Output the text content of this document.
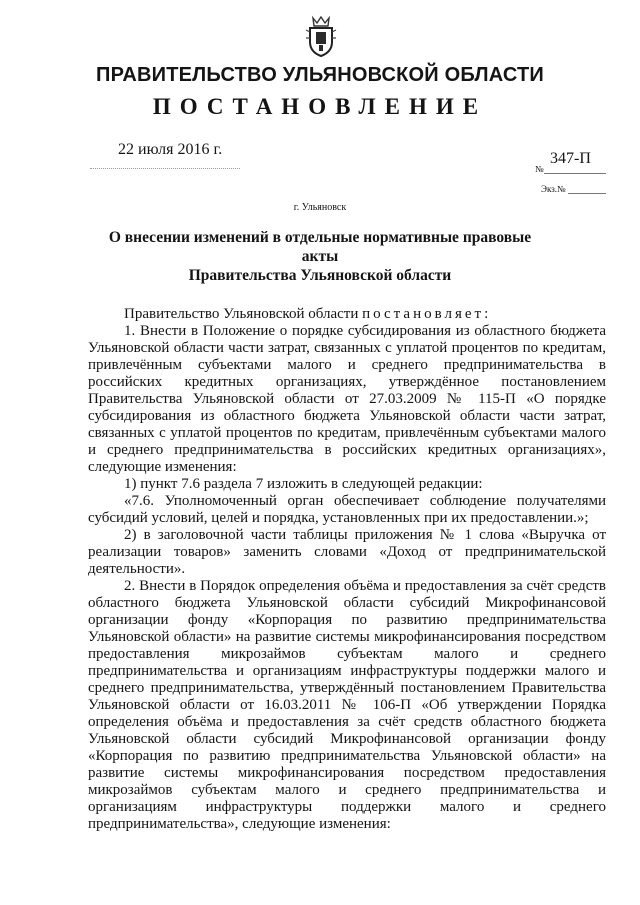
ПРАВИТЕЛЬСТВО УЛЬЯНОВСКОЙ ОБЛАСТИ
ПОСТАНОВЛЕНИЕ
22 июля 2016 г.
347-П
№
Экз.№
г. Ульяновск
О внесении изменений в отдельные нормативные правовые акты
Правительства Ульяновской области

Правительство Ульяновской области постановляет:

1. Внести в Положение о порядке субсидирования из областного бюджета Ульяновской области части затрат, связанных с уплатой процентов по кредитам, привлечённым субъектами малого и среднего предпринимательства в российских кредитных организациях, утверждённое постановлением Правительства Ульяновской области от 27.03.2009 № 115-П «О порядке субсидирования из областного бюджета Ульяновской области части затрат, связанных с уплатой процентов по кредитам, привлечённым субъектами малого и среднего предпринимательства в российских кредитных организациях», следующие изменения:

1) пункт 7.6 раздела 7 изложить в следующей редакции:

«7.6. Уполномоченный орган обеспечивает соблюдение получателями субсидий условий, целей и порядка, установленных при их предоставлении.»;

2) в заголовочной части таблицы приложения № 1 слова «Выручка от реализации товаров» заменить словами «Доход от предпринимательской деятельности».

2. Внести в Порядок определения объёма и предоставления за счёт средств областного бюджета Ульяновской области субсидий Микрофинансовой организации фонду «Корпорация по развитию предпринимательства Ульяновской области» на развитие системы микрофинансирования посредством предоставления микрозаймов субъектам малого и среднего предпринимательства и организациям инфраструктуры поддержки малого и среднего предпринимательства, утверждённый постановлением Правительства Ульяновской области от 16.03.2011 № 106-П «Об утверждении Порядка определения объёма и предоставления за счёт средств областного бюджета Ульяновской области субсидий Микрофинансовой организации фонду «Корпорация по развитию предпринимательства Ульяновской области» на развитие системы микрофинансирования посредством предоставления микрозаймов субъектам малого и среднего предпринимательства и организациям инфраструктуры поддержки малого и среднего предпринимательства», следующие изменения:
